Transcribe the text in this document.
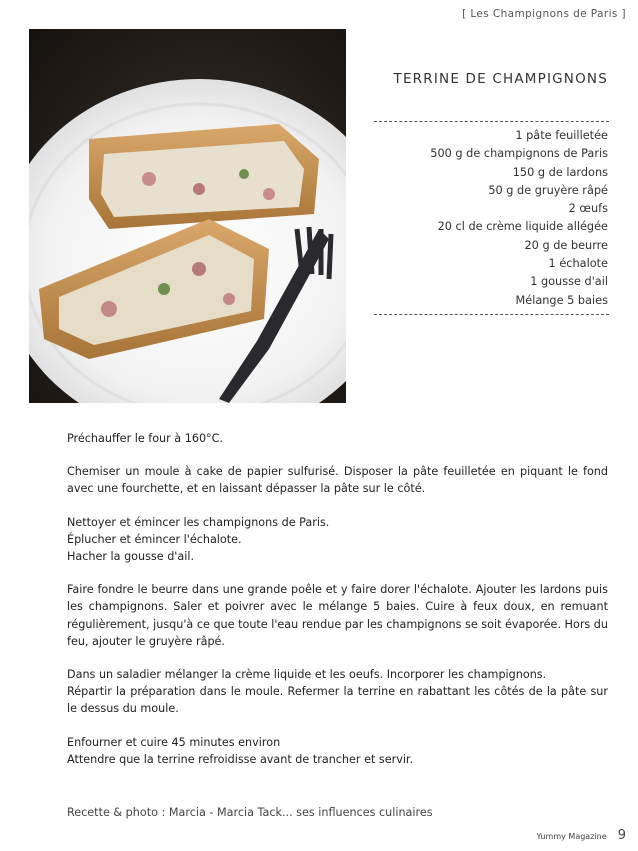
[ Les Champignons de Paris ]
TERRINE DE CHAMPIGNONS
1 pâte feuilletée
500 g de champignons de Paris
150 g de lardons
50 g de gruyère râpé
2 œufs
20 cl de crème liquide allégée
20 g de beurre
1 échalote
1 gousse d'ail
Mélange 5 baies

Préchauffer le four à 160°C.

Chemiser un moule à cake de papier sulfurisé. Disposer la pâte feuilletée en piquant le fond avec une fourchette, et en laissant dépasser la pâte sur le côté.

Nettoyer et émincer les champignons de Paris.
Éplucher et émincer l'échalote.
Hacher la gousse d'ail.

Faire fondre le beurre dans une grande poêle et y faire dorer l'échalote. Ajouter les lardons puis les champignons. Saler et poivrer avec le mélange 5 baies. Cuire à feux doux, en remuant régulièrement, jusqu'à ce que toute l'eau rendue par les champignons se soit évaporée. Hors du feu, ajouter le gruyère râpé.

Dans un saladier mélanger la crème liquide et les oeufs. Incorporer les champignons.
Répartir la préparation dans le moule. Refermer la terrine en rabattant les côtés de la pâte sur le dessus du moule.

Enfourner et cuire 45 minutes environ
Attendre que la terrine refroidisse avant de trancher et servir.

Recette & photo : Marcia - Marcia Tack... ses influences culinaires
Yummy Magazine 9
